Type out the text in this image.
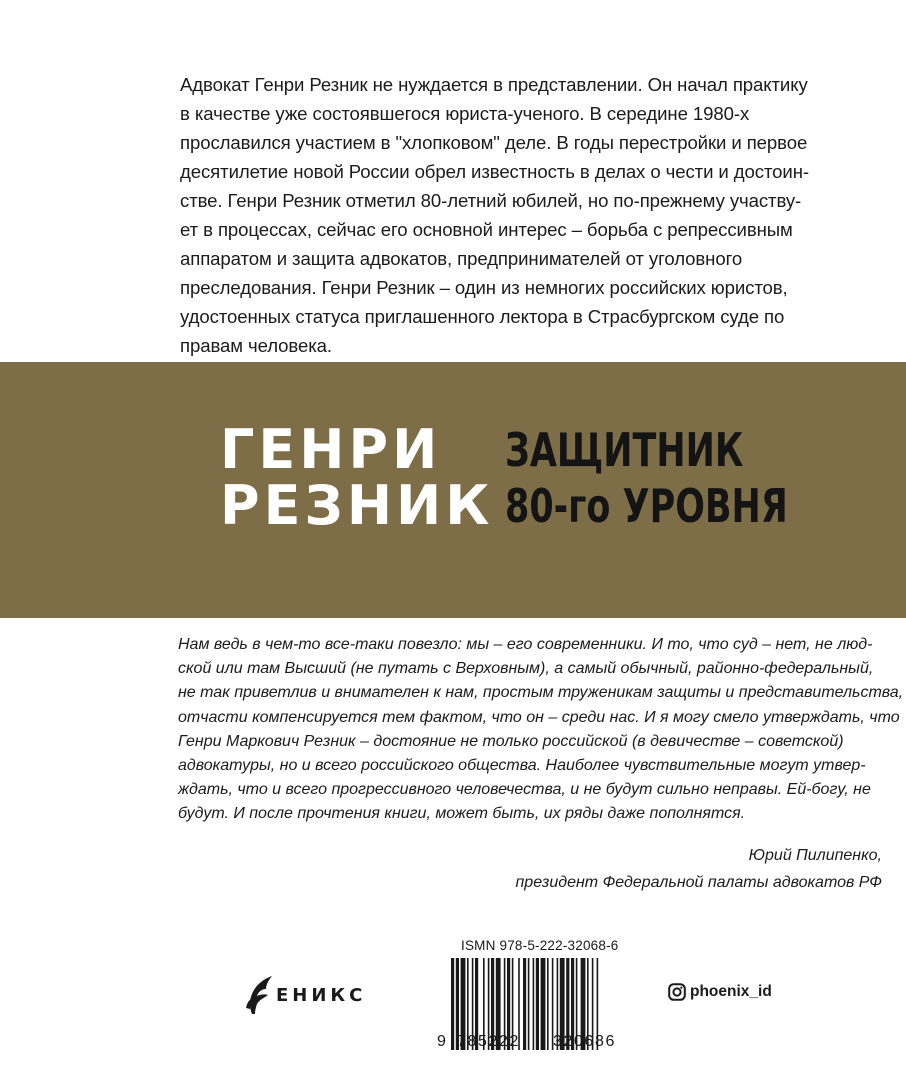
Адвокат Генри Резник не нуждается в представлении. Он начал практику
в качестве уже состоявшегося юриста-ученого. В середине 1980-х
прославился участием в "хлопковом" деле. В годы перестройки и первое
десятилетие новой России обрел известность в делах о чести и достоин-
стве. Генри Резник отметил 80-летний юбилей, но по-прежнему участву-
ет в процессах, сейчас его основной интерес – борьба с репрессивным
аппаратом и защита адвокатов, предпринимателей от уголовного
преследования. Генри Резник – один из немногих российских юристов,
удостоенных статуса приглашенного лектора в Страсбургском суде по
правам человека.
ГЕНРИ
РЕЗНИК
ЗАЩИТНИК
80-го УРОВНЯ
Нам ведь в чем-то все-таки повезло: мы – его современники. И то, что суд – нет, не люд-
ской или там Высший (не путать с Верховным), а самый обычный, районно-федеральный,
не так приветлив и внимателен к нам, простым труженикам защиты и представительства,
отчасти компенсируется тем фактом, что он – среди нас. И я могу смело утверждать, что
Генри Маркович Резник – достояние не только российской (в девичестве – советской)
адвокатуры, но и всего российского общества. Наиболее чувствительные могут утвер-
ждать, что и всего прогрессивного человечества, и не будут сильно неправы. Ей-богу, не
будут. И после прочтения книги, может быть, их ряды даже пополнятся.
Юрий Пилипенко,
президент Федеральной палаты адвокатов РФ
ЕНИКС
ISMN 978-5-222-32068-6
9 785222 320686
phoenix_id
